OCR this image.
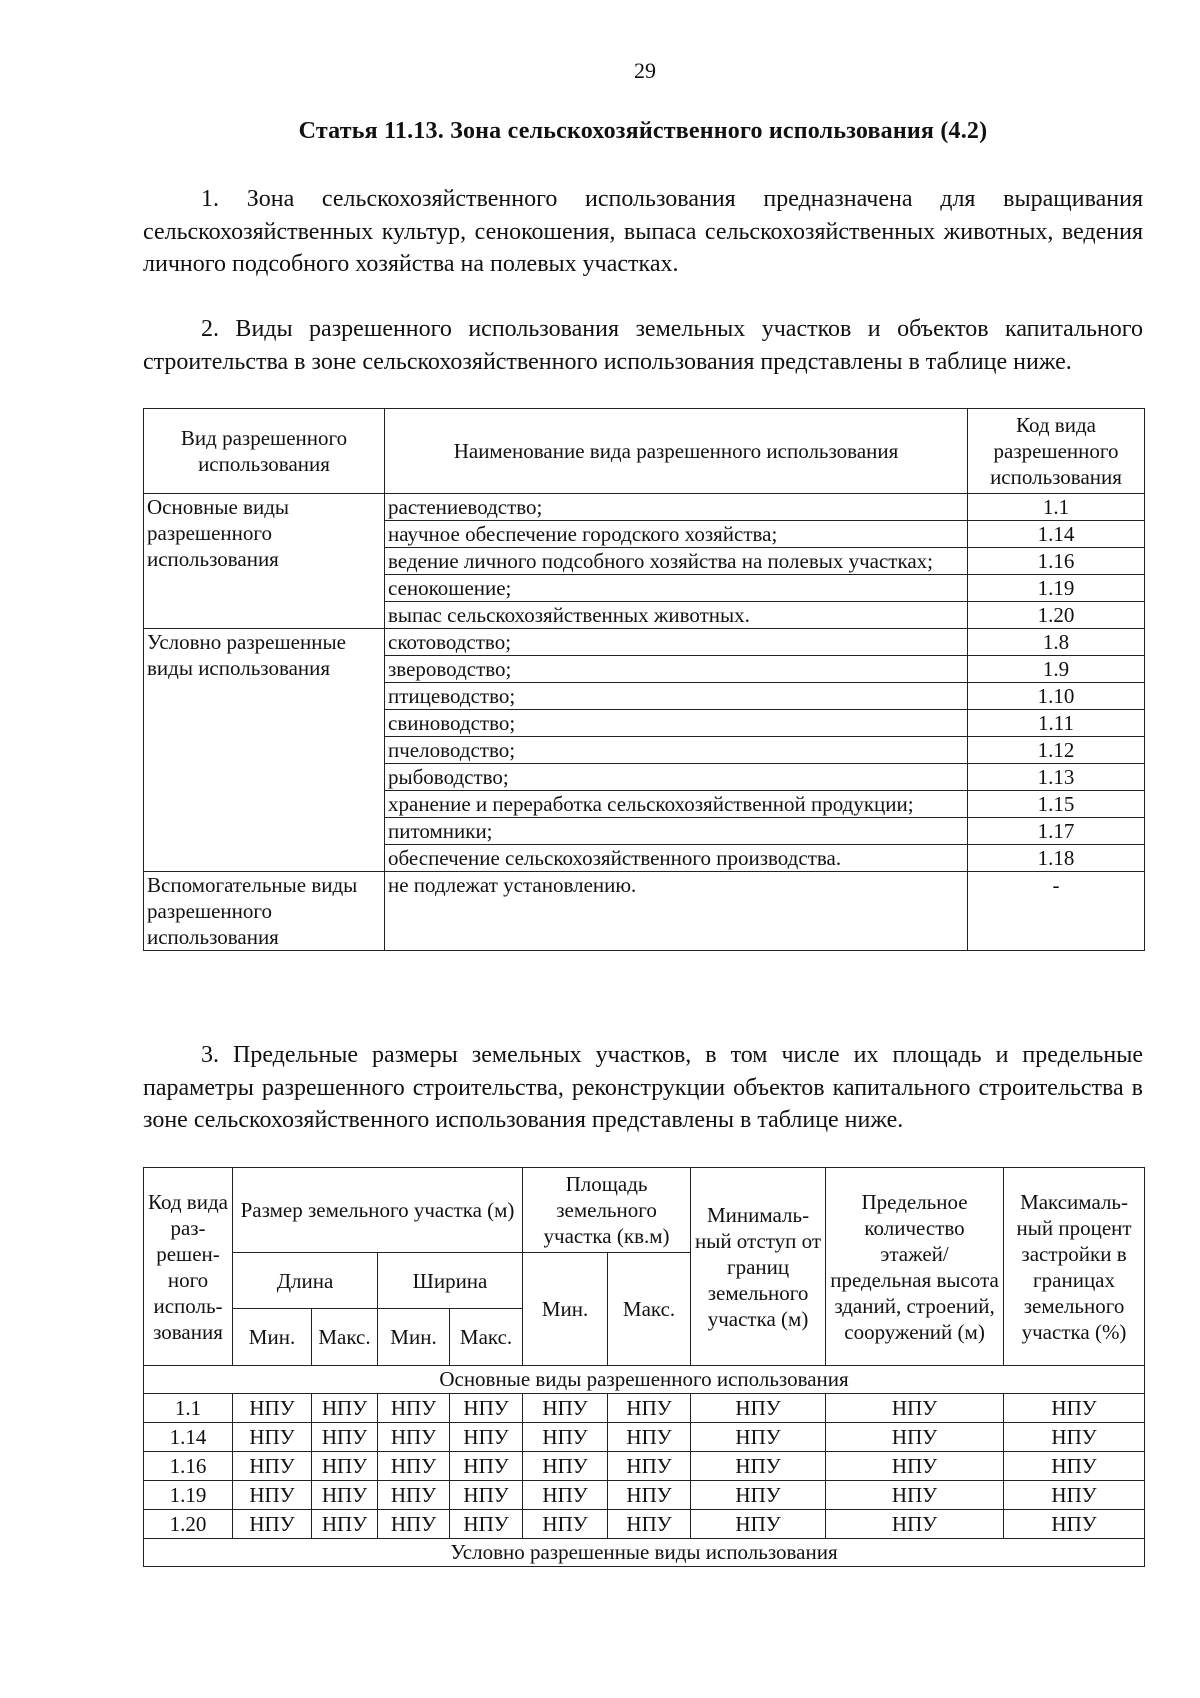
29
Статья 11.13. Зона сельскохозяйственного использования (4.2)

1. Зона сельскохозяйственного использования предназначена для выращивания сельскохозяйственных культур, сенокошения, выпаса сельскохозяйственных животных, ведения личного подсобного хозяйства на полевых участках.

2. Виды разрешенного использования земельных участков и объектов капитального строительства в зоне сельскохозяйственного использования представлены в таблице ниже.

Вид разрешенного использования	Наименование вида разрешенного использования	Код вида разрешенного использования
Основные виды разрешенного использования	растениеводство;	1.1
	научное обеспечение городского хозяйства;	1.14
	ведение личного подсобного хозяйства на полевых участках;	1.16
	сенокошение;	1.19
	выпас сельскохозяйственных животных.	1.20
Условно разрешенные виды использования	скотоводство;	1.8
	звероводство;	1.9
	птицеводство;	1.10
	свиноводство;	1.11
	пчеловодство;	1.12
	рыбоводство;	1.13
	хранение и переработка сельскохозяйственной продукции;	1.15
	питомники;	1.17
	обеспечение сельскохозяйственного производства.	1.18
Вспомогательные виды разрешенного использования	не подлежат установлению.	-

3. Предельные размеры земельных участков, в том числе их площадь и предельные параметры разрешенного строительства, реконструкции объектов капитального строительства в зоне сельскохозяйственного использования представлены в таблице ниже.

Код вида раз-решен-ного исполь-зования	Размер земельного участка (м)				Площадь земельного участка (кв.м)		Минималь-ный отступ от границ земельного участка (м)	Предельное количество этажей/ предельная высота зданий, строений, сооружений (м)	Максималь-ный процент застройки в границах земельного участка (%)
	Длина		Ширина		Мин.	Макс.			
	Мин.	Макс.	Мин.	Макс.					
Основные виды разрешенного использования									
1.1	НПУ	НПУ	НПУ	НПУ	НПУ	НПУ	НПУ	НПУ	НПУ
1.14	НПУ	НПУ	НПУ	НПУ	НПУ	НПУ	НПУ	НПУ	НПУ
1.16	НПУ	НПУ	НПУ	НПУ	НПУ	НПУ	НПУ	НПУ	НПУ
1.19	НПУ	НПУ	НПУ	НПУ	НПУ	НПУ	НПУ	НПУ	НПУ
1.20	НПУ	НПУ	НПУ	НПУ	НПУ	НПУ	НПУ	НПУ	НПУ
Условно разрешенные виды использования									
